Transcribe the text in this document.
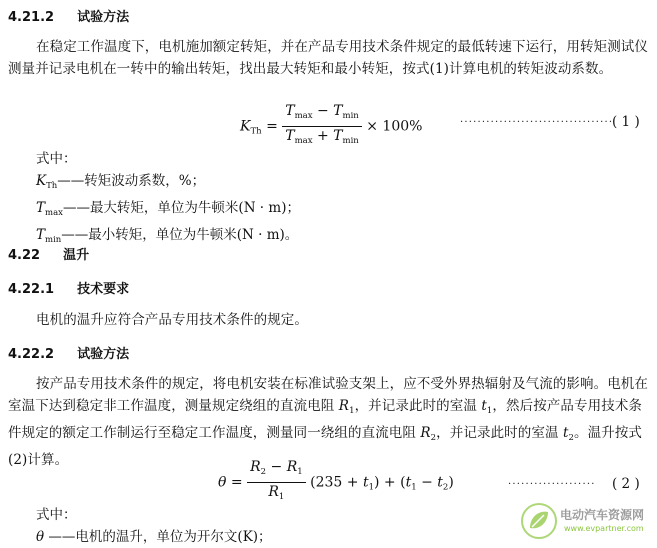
4.21.2 试验方法
在稳定工作温度下，电机施加额定转矩，并在产品专用技术条件规定的最低转速下运行，用转矩测试仪测量并记录电机在一转中的输出转矩，找出最大转矩和最小转矩，按式(1)计算电机的转矩波动系数。
$K_{Th} = \frac{T_{max} - T_{min}}{T_{max} + T_{min}} \times 100\%$	···································
( 1 )
式中：
$K_{Th}——$转矩波动系数，%；
$T_{max}——$最大转矩，单位为牛顿米(N · m)；
$T_{min}——$最小转矩，单位为牛顿米(N · m)。
4.22 温升
4.22.1 技术要求
电机的温升应符合产品专用技术条件的规定。
4.22.2 试验方法
按产品专用技术条件的规定，将电机安装在标准试验支架上，应不受外界热辐射及气流的影响。电机在室温下达到稳定非工作温度，测量规定绕组的直流电阻 $R_1$，并记录此时的室温 $t_1$，然后按产品专用技术条件规定的额定工作制运行至稳定工作温度，测量同一绕组的直流电阻 $R_2$，并记录此时的室温 $t_2$。温升按式(2)计算。
$\theta = \frac{R_2 - R_1}{R_1} (235 + t_1) + (t_1 - t_2)$	···················· ( 2 )
式中：
θ ——电机的温升，单位为开尔文(K)；
电动汽车资源网
www.evpartner.com
